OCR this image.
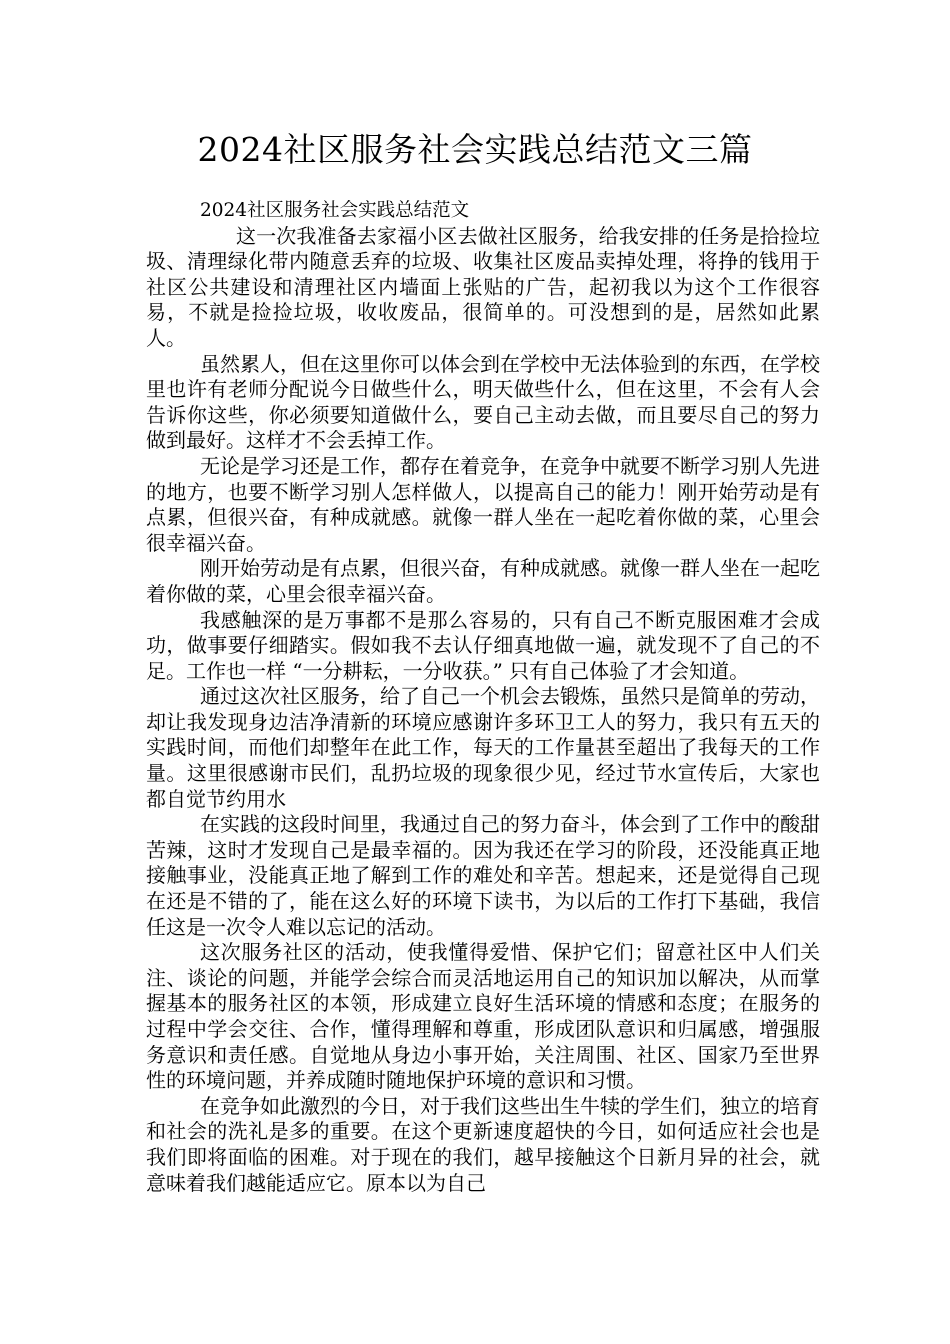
2024社区服务社会实践总结范文三篇

2024社区服务社会实践总结范文

这一次我准备去家福小区去做社区服务，给我安排的任务是拾捡垃圾、清理绿化带内随意丢弃的垃圾、收集社区废品卖掉处理，将挣的钱用于社区公共建设和清理社区内墙面上张贴的广告，起初我以为这个工作很容易，不就是捡捡垃圾，收收废品，很简单的。可没想到的是，居然如此累人。

虽然累人，但在这里你可以体会到在学校中无法体验到的东西，在学校里也许有老师分配说今日做些什么，明天做些什么，但在这里，不会有人会告诉你这些，你必须要知道做什么，要自己主动去做，而且要尽自己的努力做到最好。这样才不会丢掉工作。

无论是学习还是工作，都存在着竞争，在竞争中就要不断学习别人先进的地方，也要不断学习别人怎样做人，以提高自己的能力！刚开始劳动是有点累，但很兴奋，有种成就感。就像一群人坐在一起吃着你做的菜，心里会很幸福兴奋。

刚开始劳动是有点累，但很兴奋，有种成就感。就像一群人坐在一起吃着你做的菜，心里会很幸福兴奋。

我感触深的是万事都不是那么容易的，只有自己不断克服困难才会成功，做事要仔细踏实。假如我不去认仔细真地做一遍，就发现不了自己的不足。工作也一样 “一分耕耘，一分收获。” 只有自己体验了才会知道。

通过这次社区服务，给了自己一个机会去锻炼，虽然只是简单的劳动，却让我发现身边洁净清新的环境应感谢许多环卫工人的努力，我只有五天的实践时间，而他们却整年在此工作，每天的工作量甚至超出了我每天的工作量。这里很感谢市民们，乱扔垃圾的现象很少见，经过节水宣传后，大家也都自觉节约用水

在实践的这段时间里，我通过自己的努力奋斗，体会到了工作中的酸甜苦辣，这时才发现自己是最幸福的。因为我还在学习的阶段，还没能真正地接触事业，没能真正地了解到工作的难处和辛苦。想起来，还是觉得自己现在还是不错的了，能在这么好的环境下读书，为以后的工作打下基础，我信任这是一次令人难以忘记的活动。

这次服务社区的活动，使我懂得爱惜、保护它们；留意社区中人们关注、谈论的问题，并能学会综合而灵活地运用自己的知识加以解决，从而掌握基本的服务社区的本领，形成建立良好生活环境的情感和态度；在服务的过程中学会交往、合作，懂得理解和尊重，形成团队意识和归属感，增强服务意识和责任感。自觉地从身边小事开始，关注周围、社区、国家乃至世界性的环境问题，并养成随时随地保护环境的意识和习惯。

在竞争如此激烈的今日，对于我们这些出生牛犊的学生们，独立的培育和社会的洗礼是多的重要。在这个更新速度超快的今日，如何适应社会也是我们即将面临的困难。对于现在的我们，越早接触这个日新月异的社会，就意味着我们越能适应它。原本以为自己
